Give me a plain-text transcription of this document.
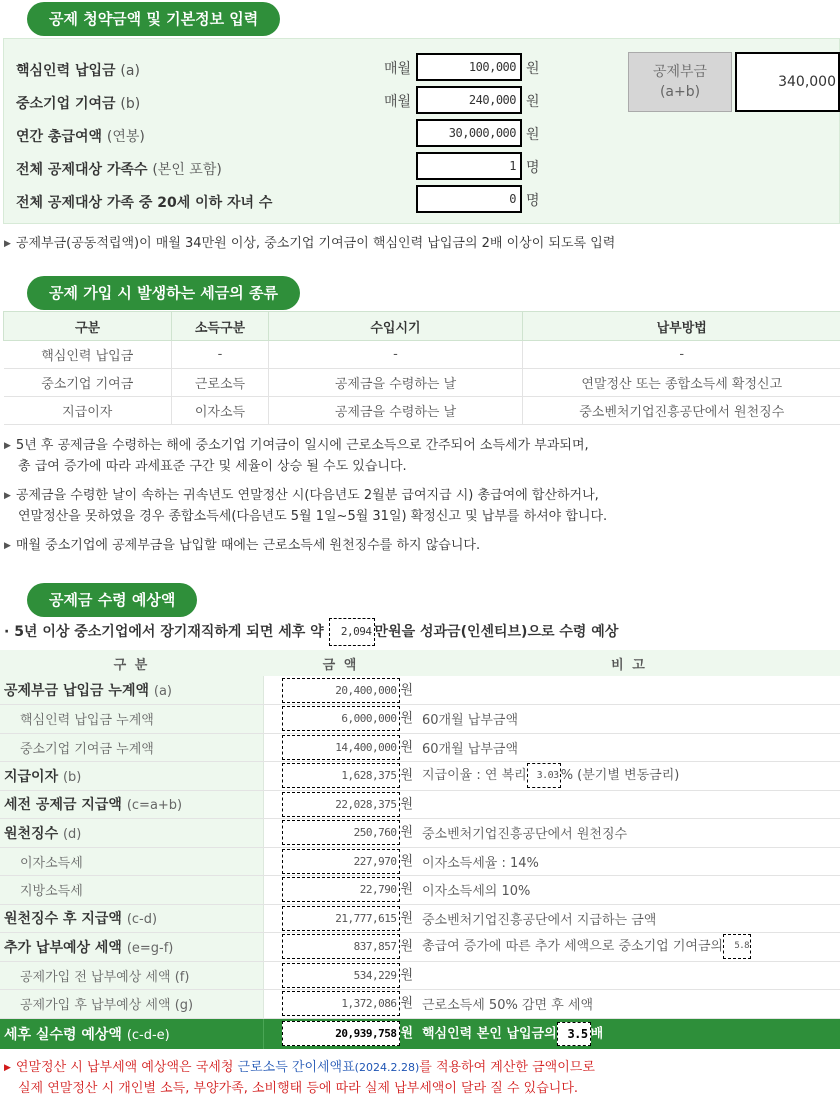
공제 청약금액 및 기본정보 입력
핵심인력 납입금 (a)	매월	100,000 원
중소기업 기여금 (b)	매월	240,000 원
연간 총급여액 (연봉)	30,000,000 원
전체 공제대상 가족수 (본인 포함)	1 명
전체 공제대상 가족 중 20세 이하 자녀 수	0 명
공제부금
(a+b)
340,000
▶ 공제부금(공동적립액)이 매월 34만원 이상, 중소기업 기여금이 핵심인력 납입금의 2배 이상이 되도록 입력
공제 가입 시 발생하는 세금의 종류
구분	소득구분	수입시기	납부방법
핵심인력 납입금	-	-	-
중소기업 기여금	근로소득	공제금을 수령하는 날	연말정산 또는 종합소득세 확정신고
지급이자	이자소득	공제금을 수령하는 날	중소벤처기업진흥공단에서 원천징수
▶ 5년 후 공제금을 수령하는 해에 중소기업 기여금이 일시에 근로소득으로 간주되어 소득세가 부과되며,
총 급여 증가에 따라 과세표준 구간 및 세율이 상승 될 수도 있습니다.
▶ 공제금을 수령한 날이 속하는 귀속년도 연말정산 시(다음년도 2월분 급여지급 시) 총급여에 합산하거나,
연말정산을 못하였을 경우 종합소득세(다음년도 5월 1일~5월 31일) 확정신고 및 납부를 하셔야 합니다.
▶ 매월 중소기업에 공제부금을 납입할 때에는 근로소득세 원천징수를 하지 않습니다.
공제금 수령 예상액
· 5년 이상 중소기업에서 장기재직하게 되면 세후 약 2,094 만원을 성과금(인센티브)으로 수령 예상
구 분	금 액	비 고
공제부금 납입금 누계액 (a)	20,400,000 원	
핵심인력 납입금 누계액	6,000,000 원	60개월 납부금액
중소기업 기여금 누계액	14,400,000 원	60개월 납부금액
지급이자 (b)	1,628,375 원	지급이율 : 연 복리 3.03 % (분기별 변동금리)
세전 공제금 지급액 (c=a+b)	22,028,375 원	
원천징수 (d)	250,760 원	중소벤처기업진흥공단에서 원천징수
이자소득세	227,970 원	이자소득세율 : 14%
지방소득세	22,790 원	이자소득세의 10%
원천징수 후 지급액 (c-d)	21,777,615 원	중소벤처기업진흥공단에서 지급하는 금액
추가 납부예상 세액 (e=g-f)	837,857 원	총급여 증가에 따른 추가 세액으로 중소기업 기여금의 5.8
공제가입 전 납부예상 세액 (f)	534,229 원	
공제가입 후 납부예상 세액 (g)	1,372,086 원	근로소득세 50% 감면 후 세액
세후 실수령 예상액 (c-d-e)	20,939,758 원	핵심인력 본인 납입금의 3.5 배
▶ 연말정산 시 납부세액 예상액은 국세청 근로소득 간이세액표(2024.2.28)를 적용하여 계산한 금액이므로
실제 연말정산 시 개인별 소득, 부양가족, 소비행태 등에 따라 실제 납부세액이 달라 질 수 있습니다.
